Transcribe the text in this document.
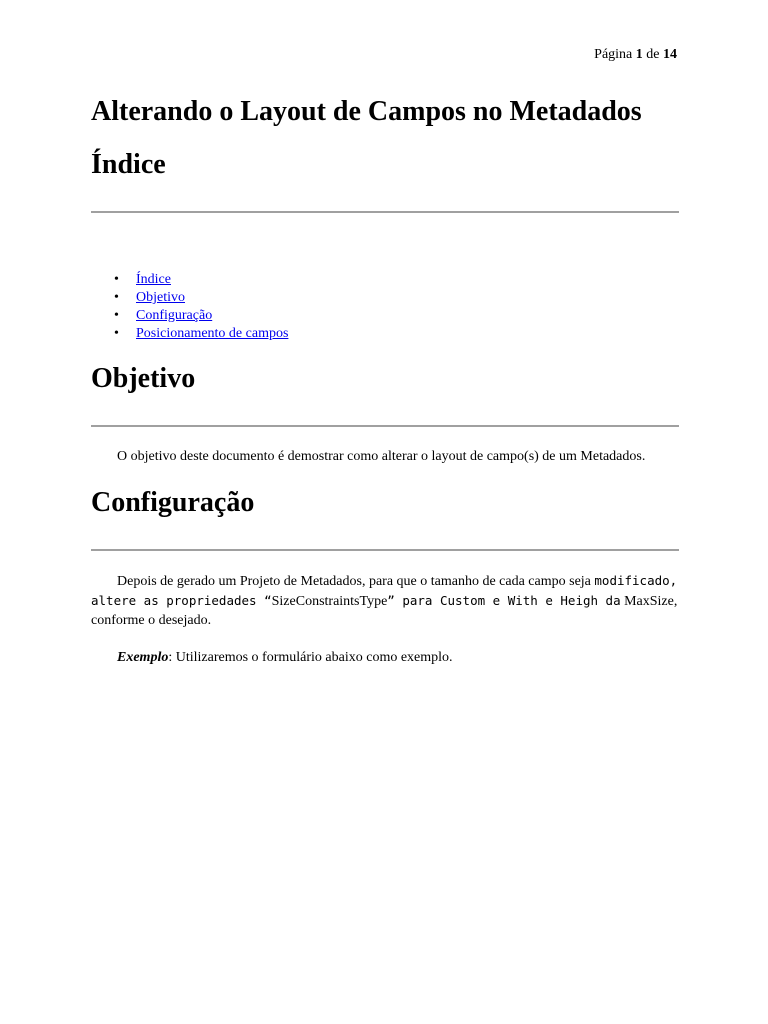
Página 1 de 14
Alterando o Layout de Campos no Metadados
Índice
• Índice
• Objetivo
• Configuração
• Posicionamento de campos
Objetivo

O objetivo deste documento é demostrar como alterar o layout de campo(s) de um Metadados.

Configuração

Depois de gerado um Projeto de Metadados, para que o tamanho de cada campo seja modificado, altere as propriedades “SizeConstraintsType” para Custom e With e Heigh da MaxSize, conforme o desejado.

Exemplo: Utilizaremos o formulário abaixo como exemplo.
